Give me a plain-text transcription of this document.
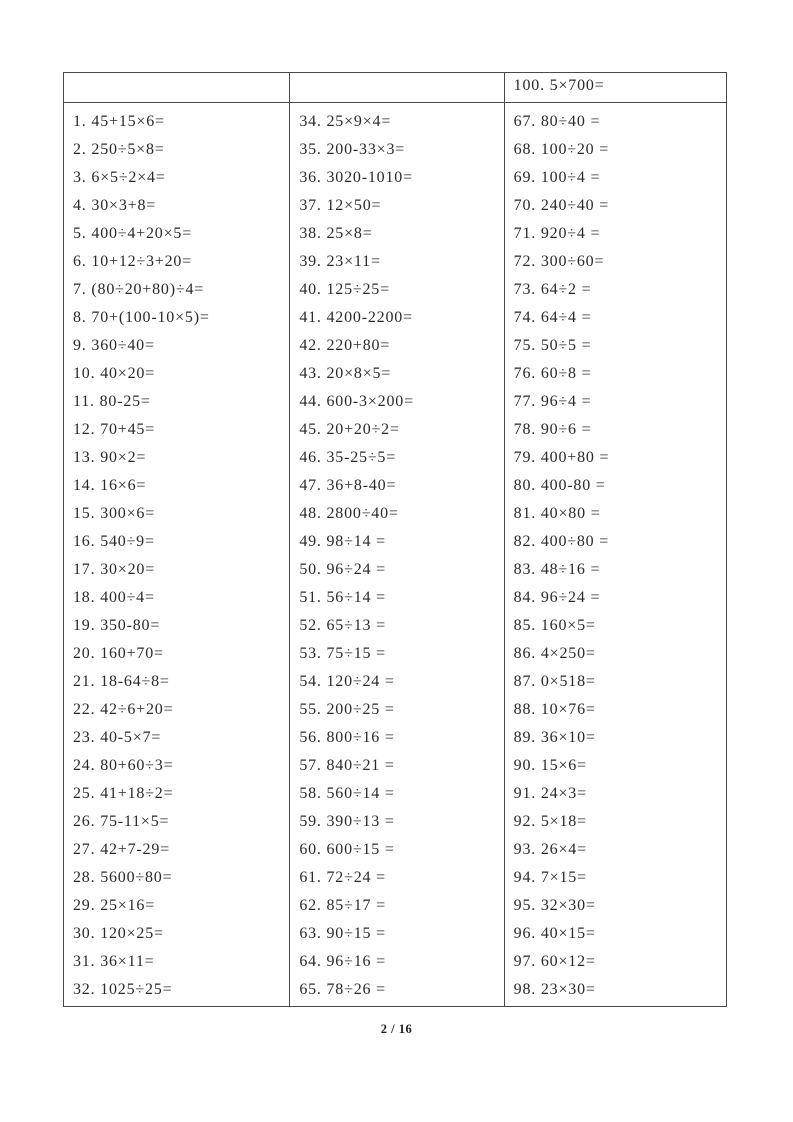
100. 5×700=
1. 45+15×6=
2. 250÷5×8=
3. 6×5÷2×4=
4. 30×3+8=
5. 400÷4+20×5=
6. 10+12÷3+20=
7. (80÷20+80)÷4=
8. 70+(100-10×5)=
9. 360÷40=
10. 40×20=
11. 80-25=
12. 70+45=
13. 90×2=
14. 16×6=
15. 300×6=
16. 540÷9=
17. 30×20=
18. 400÷4=
19. 350-80=
20. 160+70=
21. 18-64÷8=
22. 42÷6+20=
23. 40-5×7=
24. 80+60÷3=
25. 41+18÷2=
26. 75-11×5=
27. 42+7-29=
28. 5600÷80=
29. 25×16=
30. 120×25=
31. 36×11=
32. 1025÷25=
34. 25×9×4=
35. 200-33×3=
36. 3020-1010=
37. 12×50=
38. 25×8=
39. 23×11=
40. 125÷25=
41. 4200-2200=
42. 220+80=
43. 20×8×5=
44. 600-3×200=
45. 20+20÷2=
46. 35-25÷5=
47. 36+8-40=
48. 2800÷40=
49. 98÷14 =
50. 96÷24 =
51. 56÷14 =
52. 65÷13 =
53. 75÷15 =
54. 120÷24 =
55. 200÷25 =
56. 800÷16 =
57. 840÷21 =
58. 560÷14 =
59. 390÷13 =
60. 600÷15 =
61. 72÷24 =
62. 85÷17 =
63. 90÷15 =
64. 96÷16 =
65. 78÷26 =
67. 80÷40 =
68. 100÷20 =
69. 100÷4 =
70. 240÷40 =
71. 920÷4 =
72. 300÷60=
73. 64÷2 =
74. 64÷4 =
75. 50÷5 =
76. 60÷8 =
77. 96÷4 =
78. 90÷6 =
79. 400+80 =
80. 400-80 =
81. 40×80 =
82. 400÷80 =
83. 48÷16 =
84. 96÷24 =
85. 160×5=
86. 4×250=
87. 0×518=
88. 10×76=
89. 36×10=
90. 15×6=
91. 24×3=
92. 5×18=
93. 26×4=
94. 7×15=
95. 32×30=
96. 40×15=
97. 60×12=
98. 23×30=
2 / 16
